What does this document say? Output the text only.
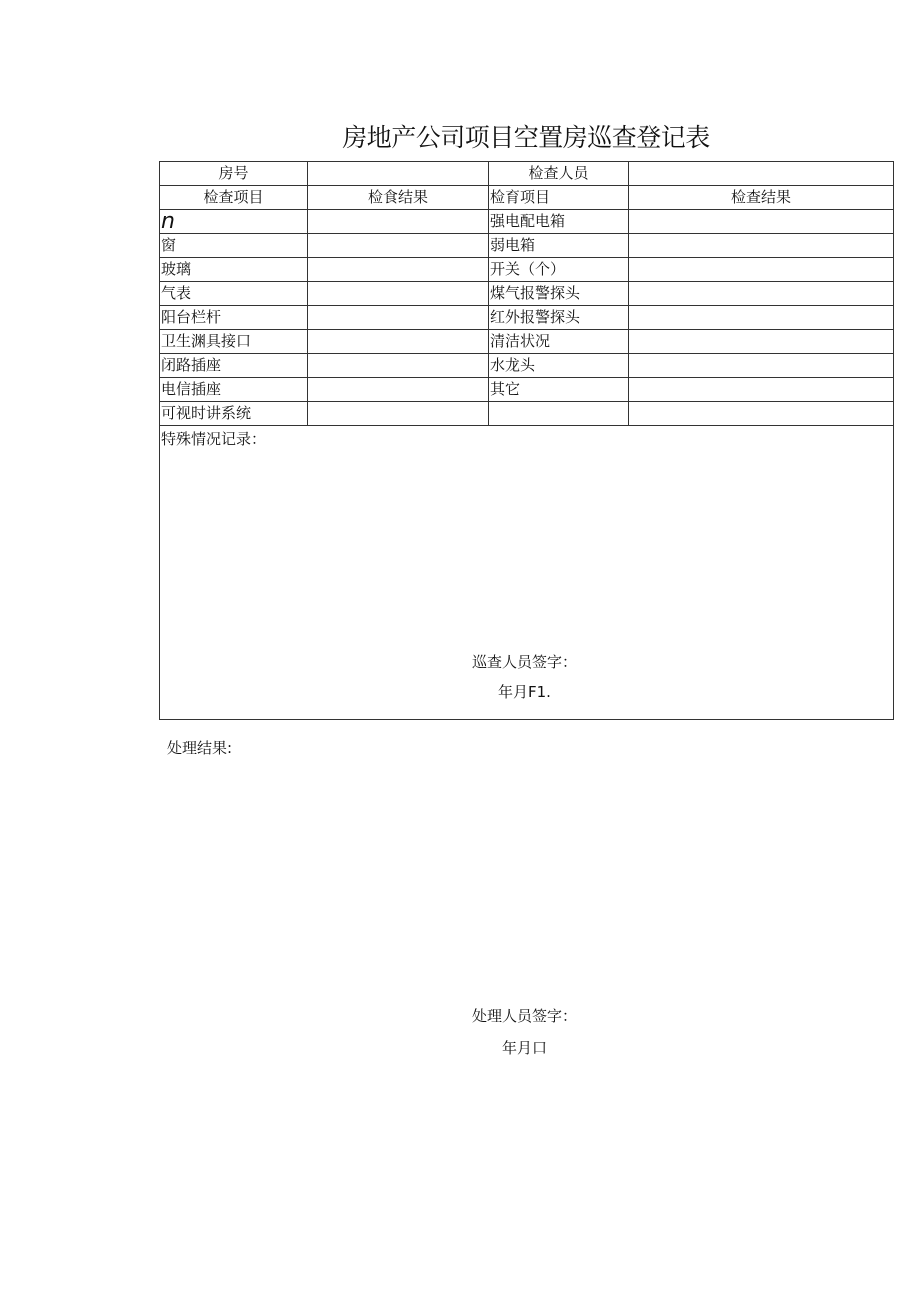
房地产公司项目空置房巡查登记表
房号		检查人员	
检查项目	检食结果	检育项目	检查结果
n		强电配电箱	
窗		弱电箱	
玻璃		开关（个）	
气表		煤气报警探头	
阳台栏杆		红外报警探头	
卫生渊具接口		清洁状况	
闭路插座		水龙头	
电信插座		其它	
可视时讲系统			

特殊情况记录：
巡查人员签字：
年月F1.			
处理结果:
处理人员签字：
年月口
